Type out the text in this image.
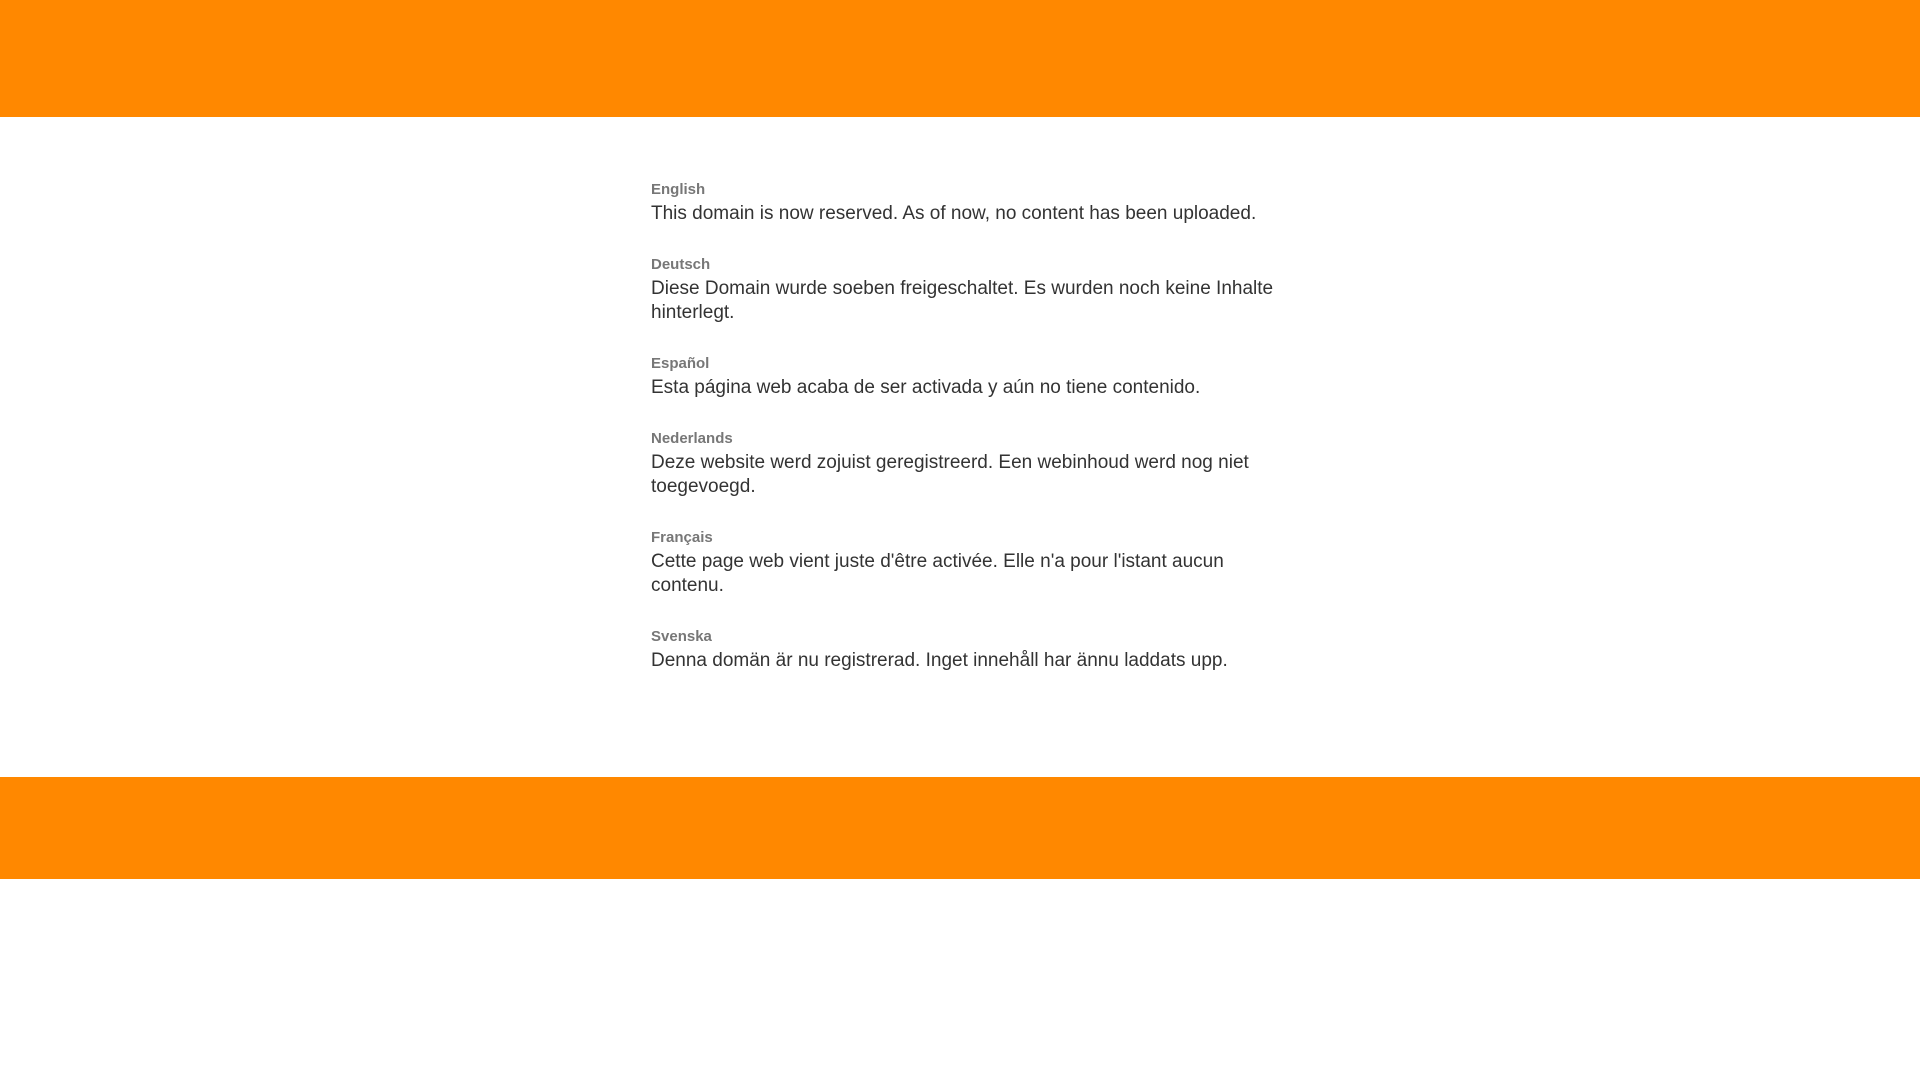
English

This domain is now reserved. As of now, no content has been uploaded.

Deutsch

Diese Domain wurde soeben freigeschaltet. Es wurden noch keine Inhalte hinterlegt.

Español

Esta página web acaba de ser activada y aún no tiene contenido.

Nederlands

Deze website werd zojuist geregistreerd. Een webinhoud werd nog niet toegevoegd.

Français

Cette page web vient juste d'être activée. Elle n'a pour l'istant aucun contenu.

Svenska

Denna domän är nu registrerad. Inget innehåll har ännu laddats upp.
